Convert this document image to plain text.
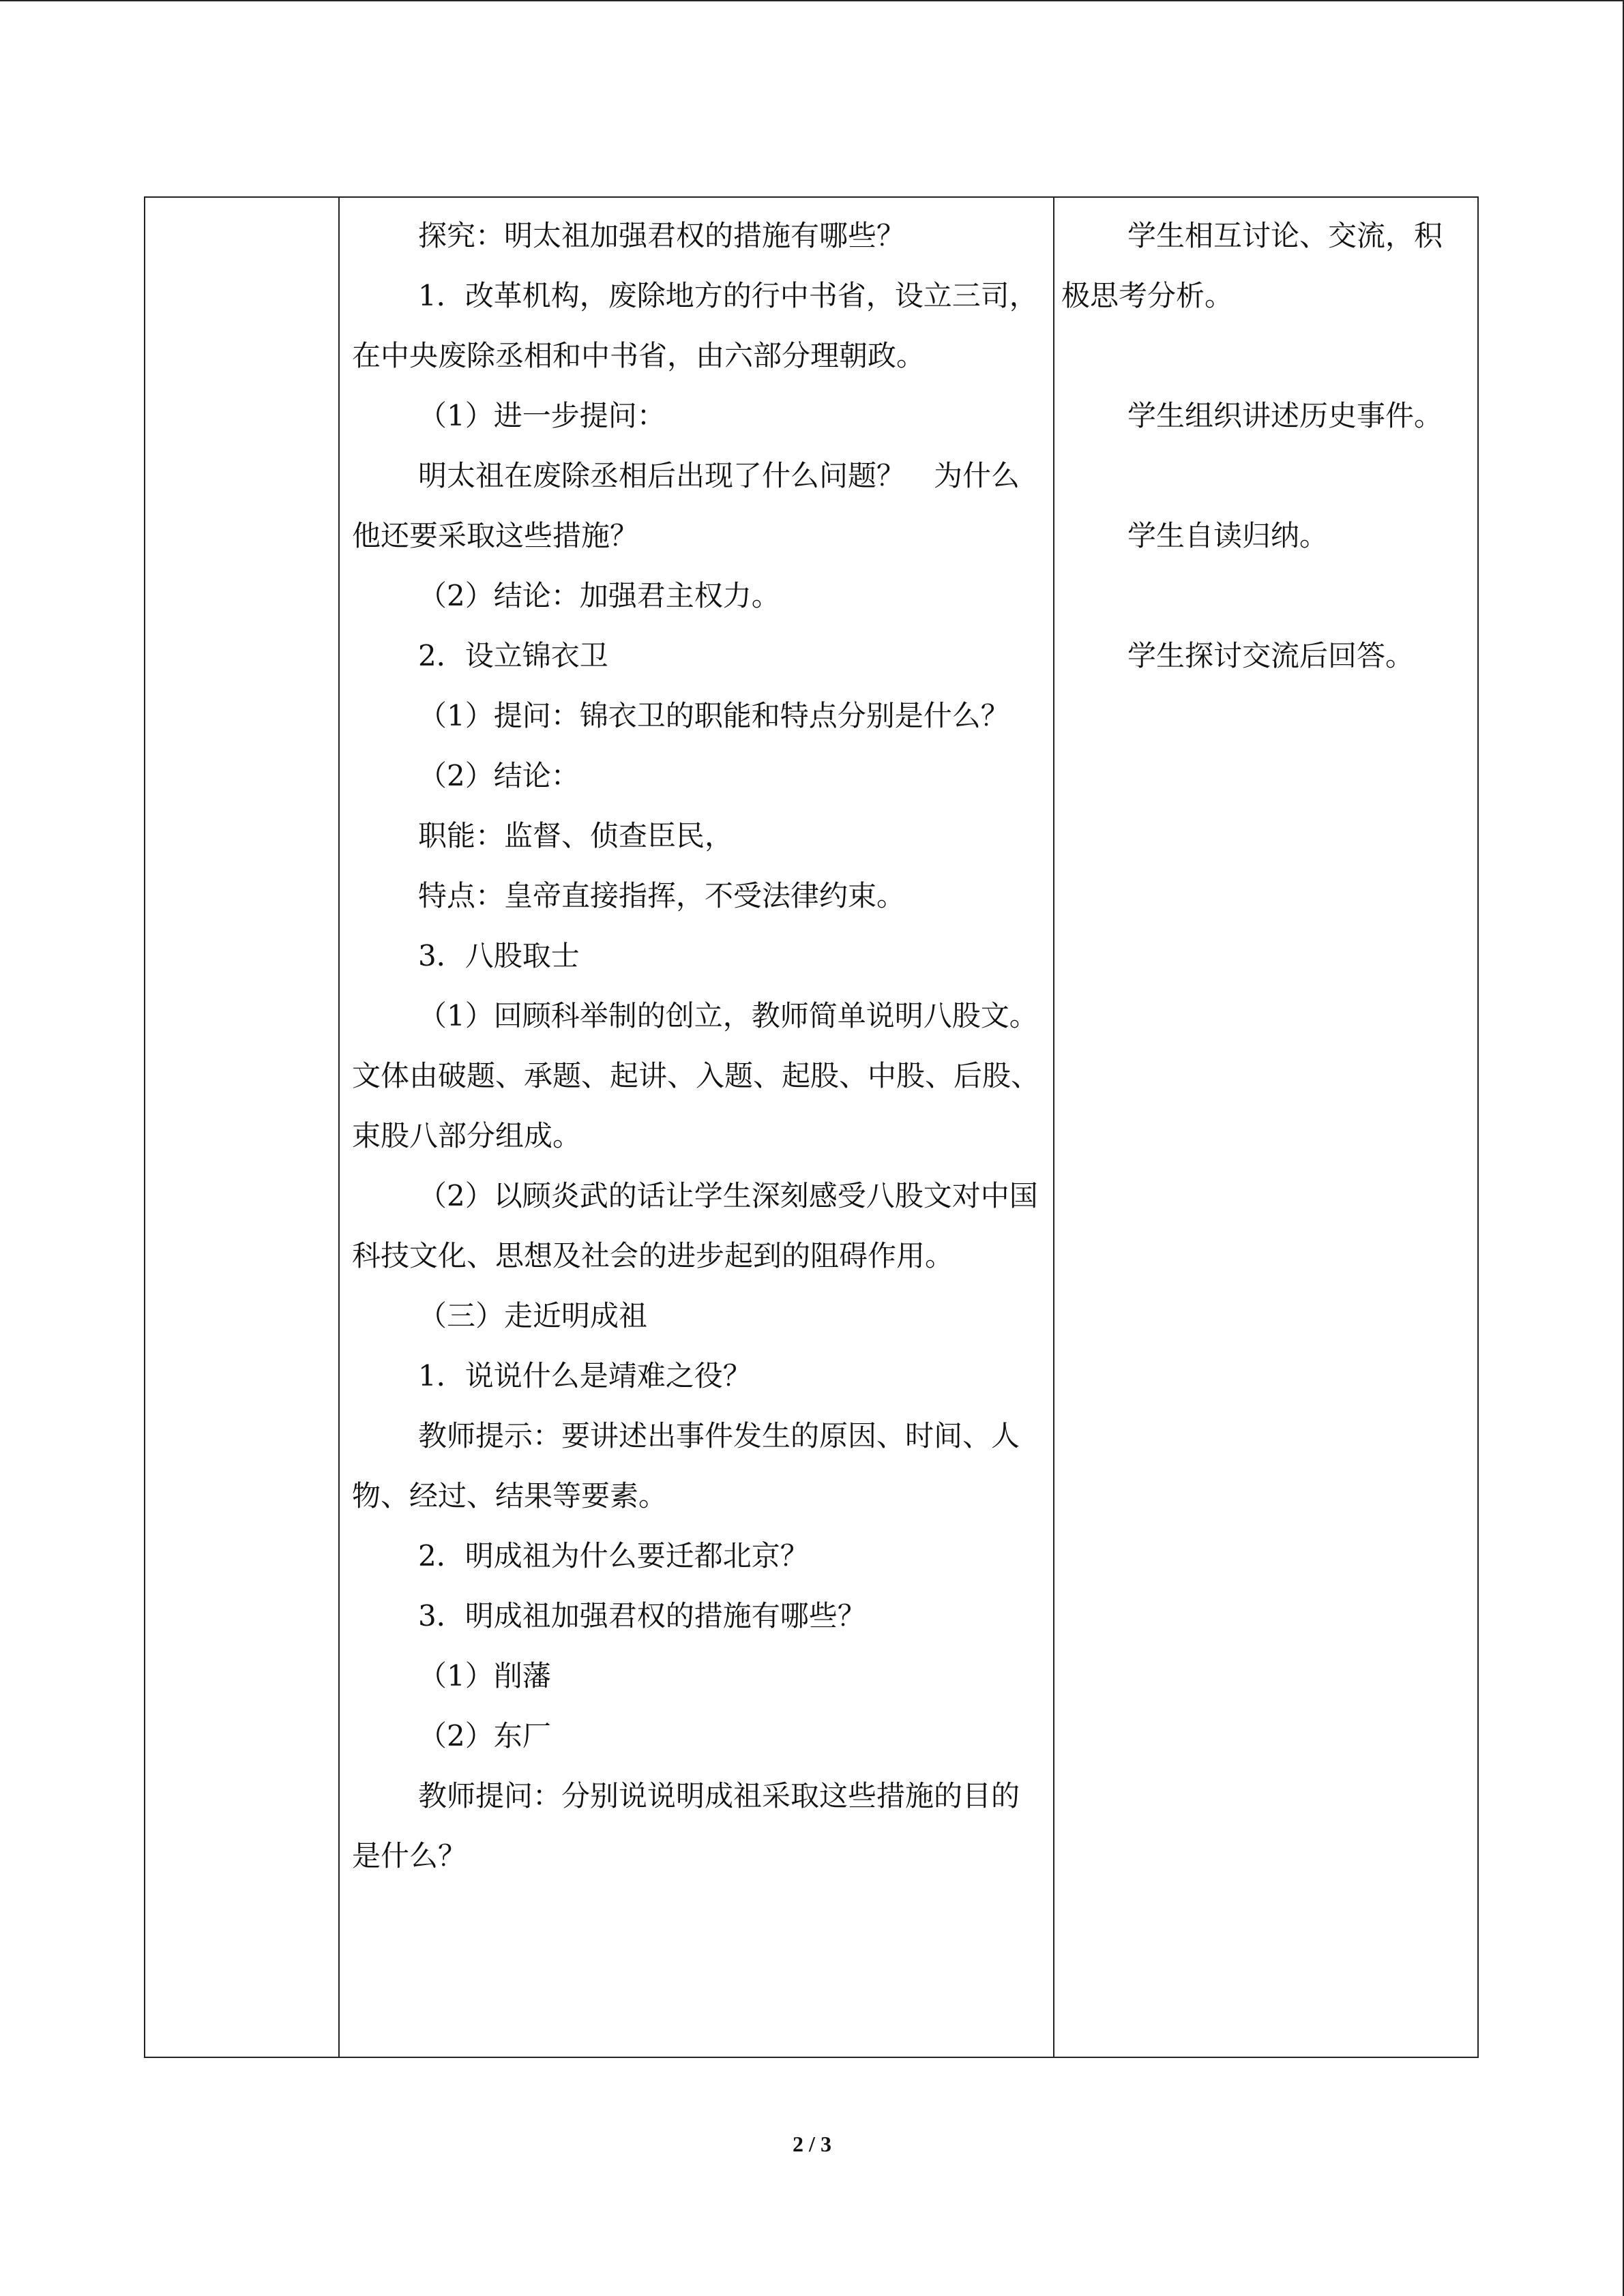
探究：明太祖加强君权的措施有哪些？

1．改革机构，废除地方的行中书省，设立三司，在中央废除丞相和中书省，由六部分理朝政。

（1）进一步提问：

明太祖在废除丞相后出现了什么问题？　为什么他还要采取这些措施？

（2）结论：加强君主权力。

2．设立锦衣卫

（1）提问：锦衣卫的职能和特点分别是什么？

（2）结论：

职能：监督、侦查臣民，

特点：皇帝直接指挥，不受法律约束。

3．八股取士

（1）回顾科举制的创立，教师简单说明八股文。文体由破题、承题、起讲、入题、起股、中股、后股、束股八部分组成。

（2）以顾炎武的话让学生深刻感受八股文对中国科技文化、思想及社会的进步起到的阻碍作用。

（三）走近明成祖

1．说说什么是靖难之役？

教师提示：要讲述出事件发生的原因、时间、人物、经过、结果等要素。

2．明成祖为什么要迁都北京？

3．明成祖加强君权的措施有哪些？

（1）削藩

（2）东厂

教师提问：分别说说明成祖采取这些措施的目的是什么？

学生相互讨论、交流，积极思考分析。

学生组织讲述历史事件。

学生自读归纳。

学生探讨交流后回答。

2 / 3
